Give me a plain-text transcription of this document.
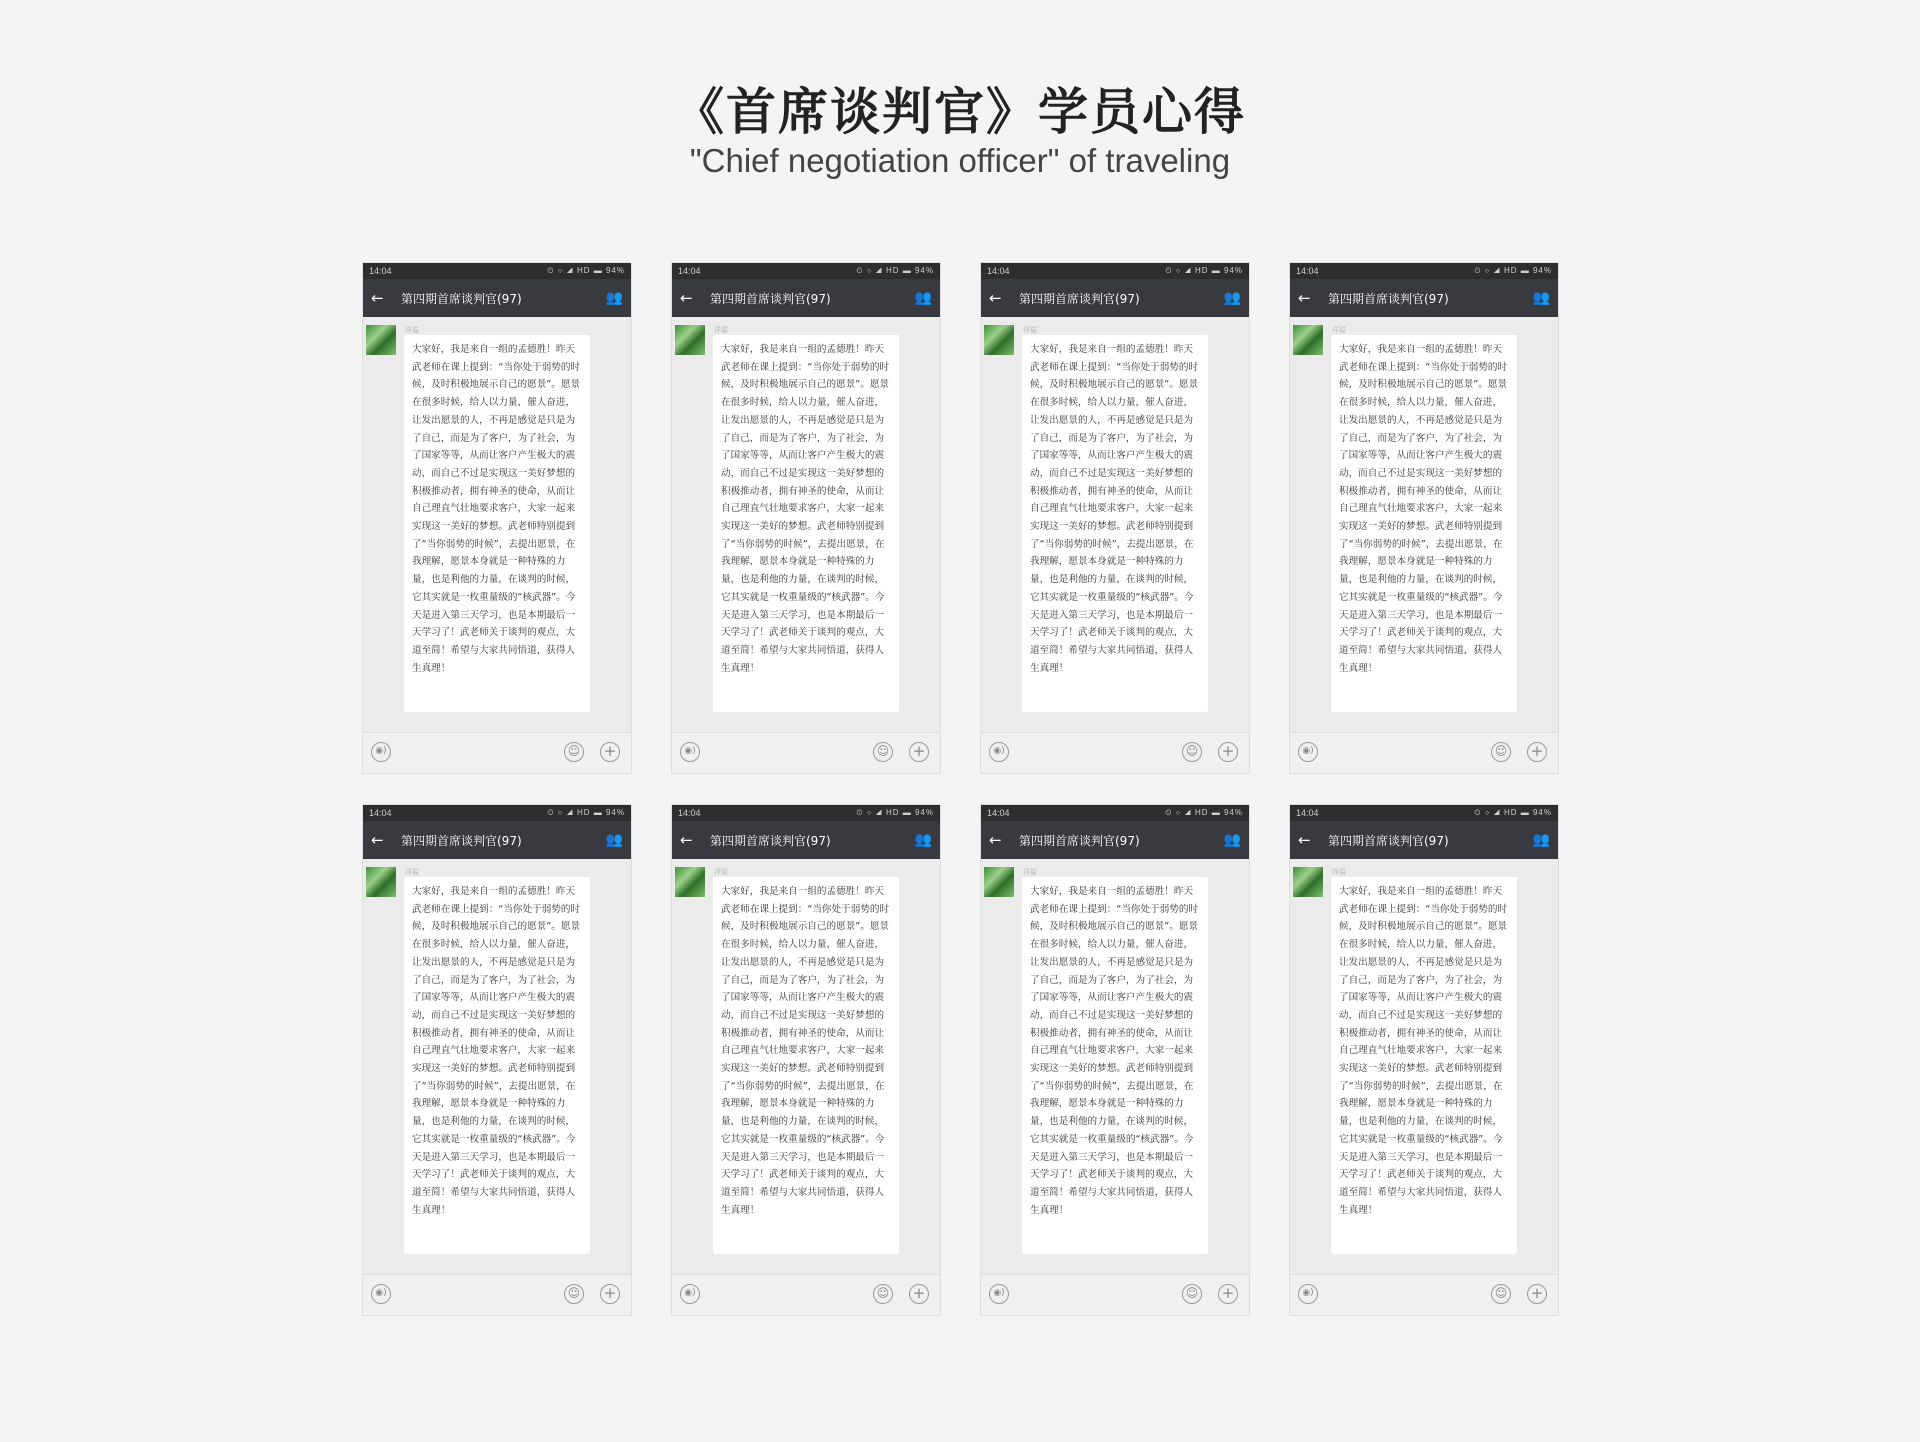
《首席谈判官》学员心得
"Chief negotiation officer" of traveling
14:04	⏲ ⌔ ◢ HD ▬ 94%
←	第四期首席谈判官(97)	👥
洋溢
大家好，我是来自一组的孟德胜！昨天武老师在课上提到：“当你处于弱势的时候，及时积极地展示自己的愿景”。愿景在很多时候，给人以力量，催人奋进，让发出愿景的人，不再是感觉是只是为了自己，而是为了客户，为了社会，为了国家等等，从而让客户产生极大的震动，而自己不过是实现这一美好梦想的积极推动者，拥有神圣的使命，从而让自己理直气壮地要求客户，大家一起来实现这一美好的梦想。武老师特别提到了“当你弱势的时候”，去提出愿景，在我理解，愿景本身就是一种特殊的力量，也是利他的力量，在谈判的时候，它其实就是一枚重量级的“核武器”。今天是进入第三天学习，也是本期最后一天学习了！武老师关于谈判的观点，大道至简！希望与大家共同悟道，获得人生真理！
◉)	☺ +
14:04	⏲ ⌔ ◢ HD ▬ 94%
←	第四期首席谈判官(97)	👥
洋溢
大家好，我是来自一组的孟德胜！昨天武老师在课上提到：“当你处于弱势的时候，及时积极地展示自己的愿景”。愿景在很多时候，给人以力量，催人奋进，让发出愿景的人，不再是感觉是只是为了自己，而是为了客户，为了社会，为了国家等等，从而让客户产生极大的震动，而自己不过是实现这一美好梦想的积极推动者，拥有神圣的使命，从而让自己理直气壮地要求客户，大家一起来实现这一美好的梦想。武老师特别提到了“当你弱势的时候”，去提出愿景，在我理解，愿景本身就是一种特殊的力量，也是利他的力量，在谈判的时候，它其实就是一枚重量级的“核武器”。今天是进入第三天学习，也是本期最后一天学习了！武老师关于谈判的观点，大道至简！希望与大家共同悟道，获得人生真理！
◉)	☺ +
14:04	⏲ ⌔ ◢ HD ▬ 94%
←	第四期首席谈判官(97)	👥
洋溢
大家好，我是来自一组的孟德胜！昨天武老师在课上提到：“当你处于弱势的时候，及时积极地展示自己的愿景”。愿景在很多时候，给人以力量，催人奋进，让发出愿景的人，不再是感觉是只是为了自己，而是为了客户，为了社会，为了国家等等，从而让客户产生极大的震动，而自己不过是实现这一美好梦想的积极推动者，拥有神圣的使命，从而让自己理直气壮地要求客户，大家一起来实现这一美好的梦想。武老师特别提到了“当你弱势的时候”，去提出愿景，在我理解，愿景本身就是一种特殊的力量，也是利他的力量，在谈判的时候，它其实就是一枚重量级的“核武器”。今天是进入第三天学习，也是本期最后一天学习了！武老师关于谈判的观点，大道至简！希望与大家共同悟道，获得人生真理！
◉)	☺ +
14:04	⏲ ⌔ ◢ HD ▬ 94%
←	第四期首席谈判官(97)	👥
洋溢
大家好，我是来自一组的孟德胜！昨天武老师在课上提到：“当你处于弱势的时候，及时积极地展示自己的愿景”。愿景在很多时候，给人以力量，催人奋进，让发出愿景的人，不再是感觉是只是为了自己，而是为了客户，为了社会，为了国家等等，从而让客户产生极大的震动，而自己不过是实现这一美好梦想的积极推动者，拥有神圣的使命，从而让自己理直气壮地要求客户，大家一起来实现这一美好的梦想。武老师特别提到了“当你弱势的时候”，去提出愿景，在我理解，愿景本身就是一种特殊的力量，也是利他的力量，在谈判的时候，它其实就是一枚重量级的“核武器”。今天是进入第三天学习，也是本期最后一天学习了！武老师关于谈判的观点，大道至简！希望与大家共同悟道，获得人生真理！
◉)	☺ +
14:04	⏲ ⌔ ◢ HD ▬ 94%
←	第四期首席谈判官(97)	👥
洋溢
大家好，我是来自一组的孟德胜！昨天武老师在课上提到：“当你处于弱势的时候，及时积极地展示自己的愿景”。愿景在很多时候，给人以力量，催人奋进，让发出愿景的人，不再是感觉是只是为了自己，而是为了客户，为了社会，为了国家等等，从而让客户产生极大的震动，而自己不过是实现这一美好梦想的积极推动者，拥有神圣的使命，从而让自己理直气壮地要求客户，大家一起来实现这一美好的梦想。武老师特别提到了“当你弱势的时候”，去提出愿景，在我理解，愿景本身就是一种特殊的力量，也是利他的力量，在谈判的时候，它其实就是一枚重量级的“核武器”。今天是进入第三天学习，也是本期最后一天学习了！武老师关于谈判的观点，大道至简！希望与大家共同悟道，获得人生真理！
◉)	☺ +
14:04	⏲ ⌔ ◢ HD ▬ 94%
←	第四期首席谈判官(97)	👥
洋溢
大家好，我是来自一组的孟德胜！昨天武老师在课上提到：“当你处于弱势的时候，及时积极地展示自己的愿景”。愿景在很多时候，给人以力量，催人奋进，让发出愿景的人，不再是感觉是只是为了自己，而是为了客户，为了社会，为了国家等等，从而让客户产生极大的震动，而自己不过是实现这一美好梦想的积极推动者，拥有神圣的使命，从而让自己理直气壮地要求客户，大家一起来实现这一美好的梦想。武老师特别提到了“当你弱势的时候”，去提出愿景，在我理解，愿景本身就是一种特殊的力量，也是利他的力量，在谈判的时候，它其实就是一枚重量级的“核武器”。今天是进入第三天学习，也是本期最后一天学习了！武老师关于谈判的观点，大道至简！希望与大家共同悟道，获得人生真理！
◉)	☺ +
14:04	⏲ ⌔ ◢ HD ▬ 94%
←	第四期首席谈判官(97)	👥
洋溢
大家好，我是来自一组的孟德胜！昨天武老师在课上提到：“当你处于弱势的时候，及时积极地展示自己的愿景”。愿景在很多时候，给人以力量，催人奋进，让发出愿景的人，不再是感觉是只是为了自己，而是为了客户，为了社会，为了国家等等，从而让客户产生极大的震动，而自己不过是实现这一美好梦想的积极推动者，拥有神圣的使命，从而让自己理直气壮地要求客户，大家一起来实现这一美好的梦想。武老师特别提到了“当你弱势的时候”，去提出愿景，在我理解，愿景本身就是一种特殊的力量，也是利他的力量，在谈判的时候，它其实就是一枚重量级的“核武器”。今天是进入第三天学习，也是本期最后一天学习了！武老师关于谈判的观点，大道至简！希望与大家共同悟道，获得人生真理！
◉)	☺ +
14:04	⏲ ⌔ ◢ HD ▬ 94%
←	第四期首席谈判官(97)	👥
洋溢
大家好，我是来自一组的孟德胜！昨天武老师在课上提到：“当你处于弱势的时候，及时积极地展示自己的愿景”。愿景在很多时候，给人以力量，催人奋进，让发出愿景的人，不再是感觉是只是为了自己，而是为了客户，为了社会，为了国家等等，从而让客户产生极大的震动，而自己不过是实现这一美好梦想的积极推动者，拥有神圣的使命，从而让自己理直气壮地要求客户，大家一起来实现这一美好的梦想。武老师特别提到了“当你弱势的时候”，去提出愿景，在我理解，愿景本身就是一种特殊的力量，也是利他的力量，在谈判的时候，它其实就是一枚重量级的“核武器”。今天是进入第三天学习，也是本期最后一天学习了！武老师关于谈判的观点，大道至简！希望与大家共同悟道，获得人生真理！
◉)	☺ +
